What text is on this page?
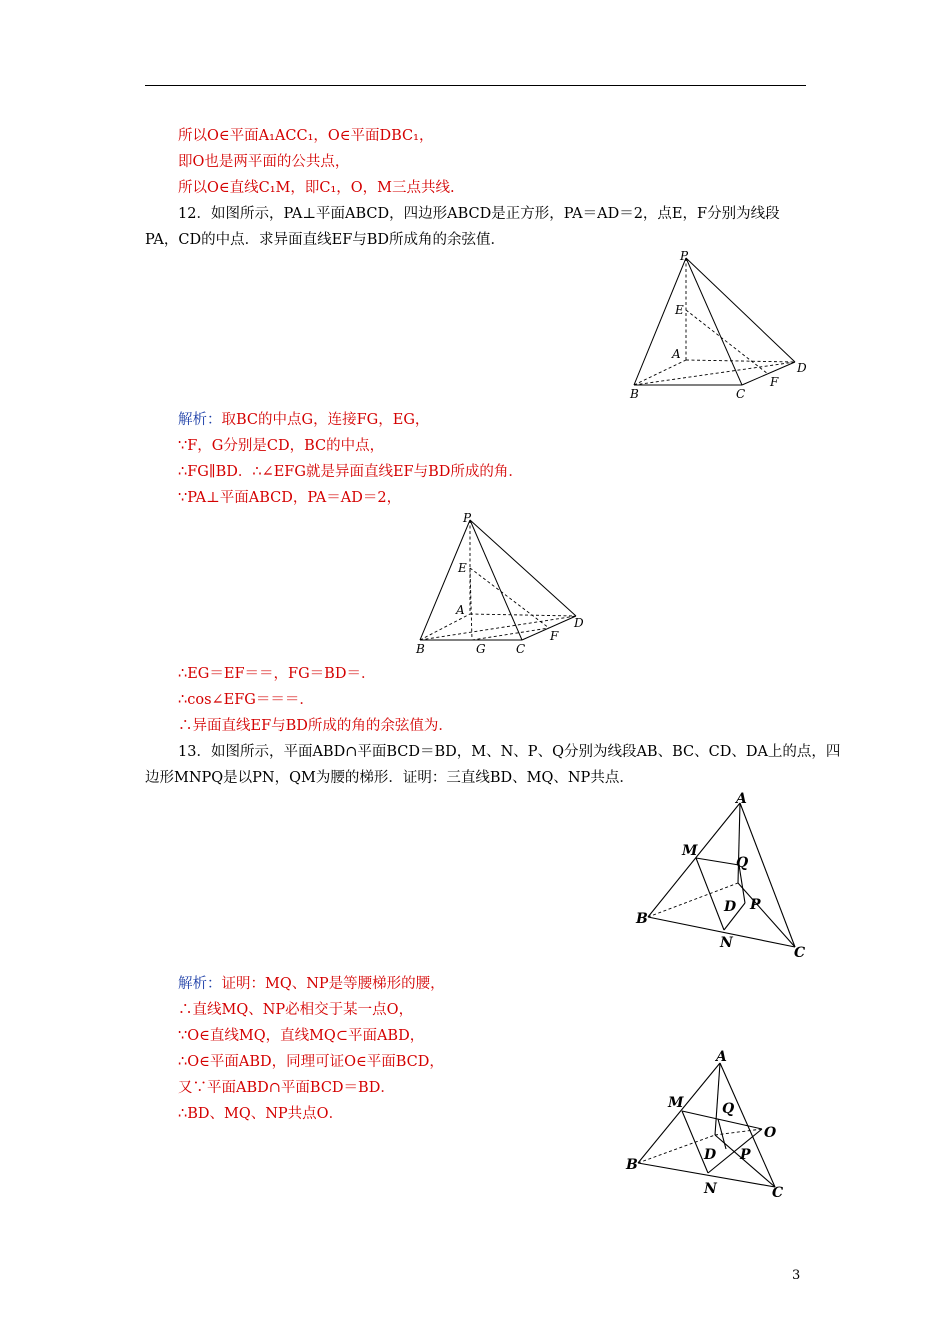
所以O∈平面A₁ACC₁，O∈平面DBC₁，
即O也是两平面的公共点，
所以O∈直线C₁M，即C₁，O，M三点共线.
12．如图所示，PA⊥平面ABCD，四边形ABCD是正方形，PA＝AD＝2，点E，F分别为线段
PA，CD的中点．求异面直线EF与BD所成角的余弦值．
P
E
A
D
F
B	C
解析：取BC的中点G，连接FG，EG，
∵F，G分别是CD，BC的中点，
∴FG∥BD．∴∠EFG就是异面直线EF与BD所成的角．
∵PA⊥平面ABCD，PA＝AD＝2，
P
E
A
D
F
B	G	C
∴EG＝EF＝＝，FG＝BD＝．
∴cos∠EFG＝＝＝．
∴异面直线EF与BD所成的角的余弦值为．
13．如图所示，平面ABD∩平面BCD＝BD，M、N、P、Q分别为线段AB、BC、CD、DA上的点，四
边形MNPQ是以PN，QM为腰的梯形．证明：三直线BD、MQ、NP共点．
A
M
Q
D P
B
N
C
解析：证明：MQ、NP是等腰梯形的腰，
∴直线MQ、NP必相交于某一点O，
∵O∈直线MQ，直线MQ⊂平面ABD，
∴O∈平面ABD，同理可证O∈平面BCD，
又∵平面ABD∩平面BCD＝BD．
∴BD、MQ、NP共点O．
A
M	Q
O
D P
B
N	C
3
